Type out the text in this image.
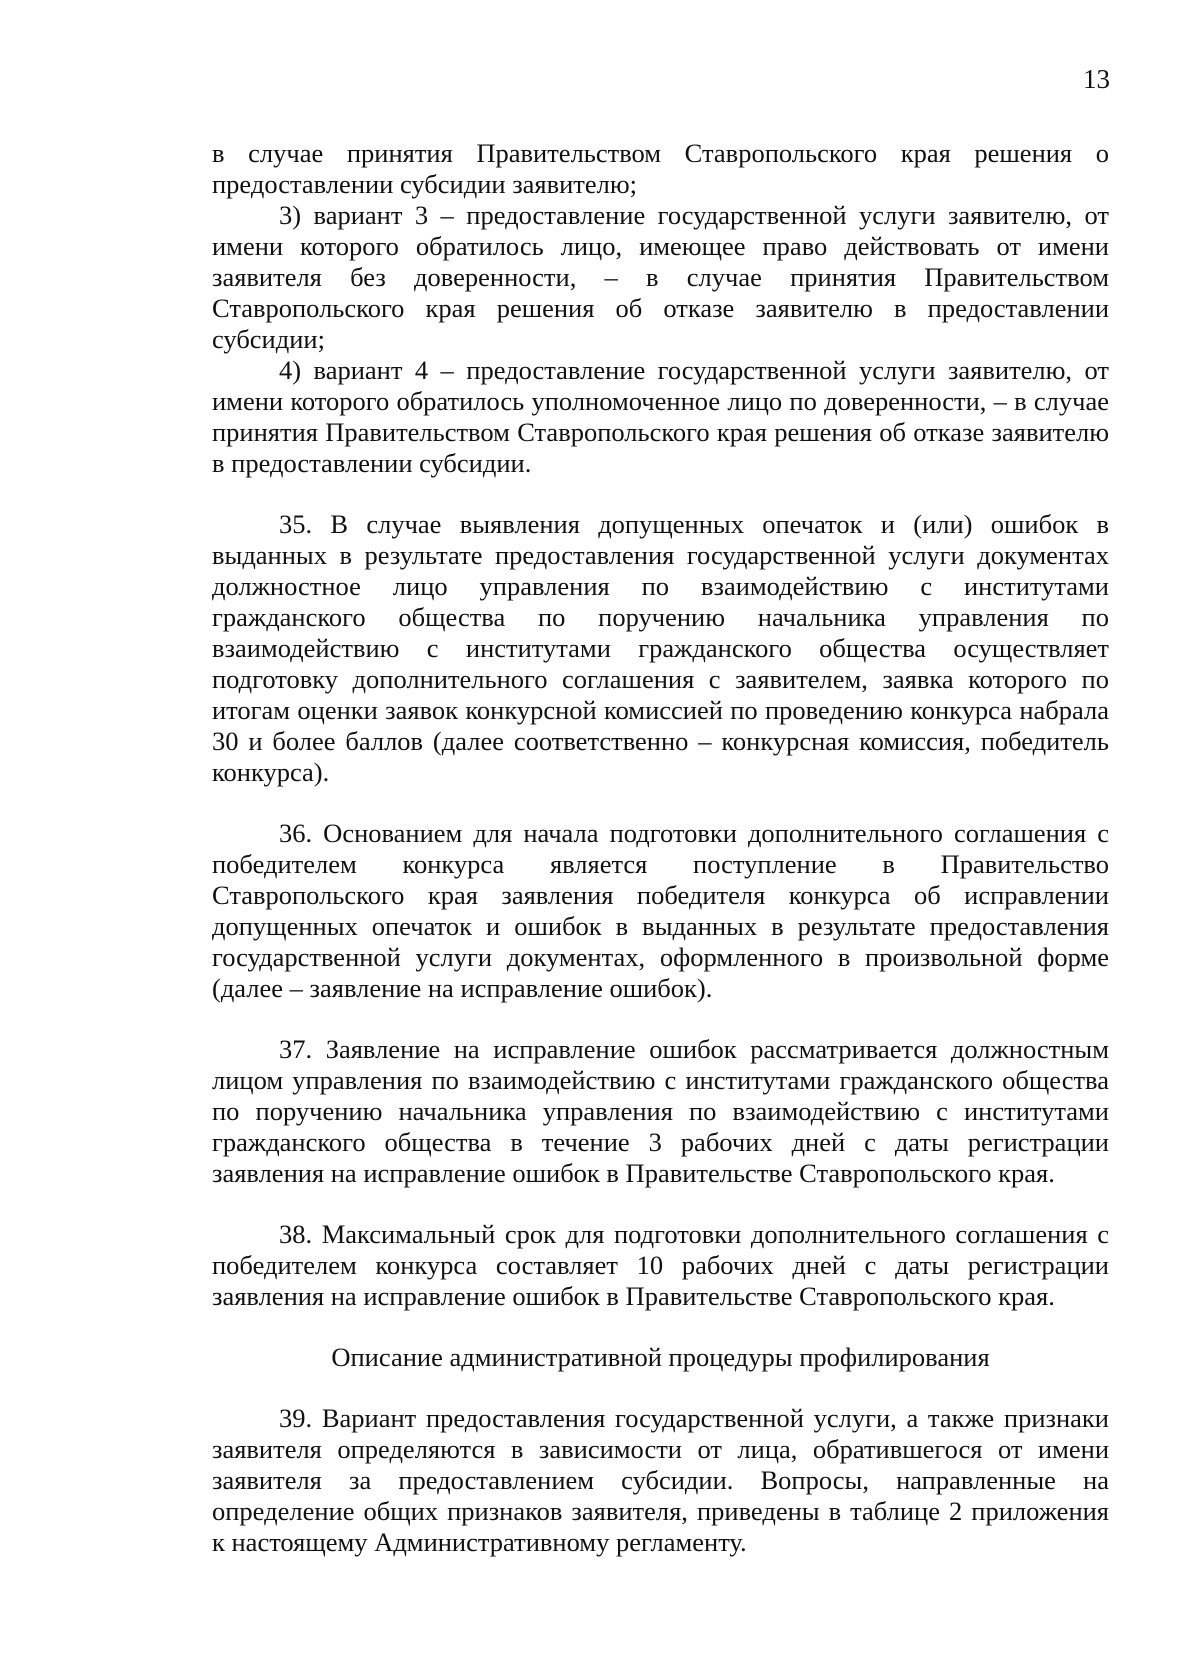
13

в случае принятия Правительством Ставропольского края решения о предоставлении субсидии заявителю;

3) вариант 3 – предоставление государственной услуги заявителю, от имени которого обратилось лицо, имеющее право действовать от имени заявителя без доверенности, – в случае принятия Правительством Ставропольского края решения об отказе заявителю в предоставлении субсидии;

4) вариант 4 – предоставление государственной услуги заявителю, от имени которого обратилось уполномоченное лицо по доверенности, – в случае принятия Правительством Ставропольского края решения об отказе заявителю в предоставлении субсидии.

35. В случае выявления допущенных опечаток и (или) ошибок в выданных в результате предоставления государственной услуги документах должностное лицо управления по взаимодействию с институтами гражданского общества по поручению начальника управления по взаимодействию с институтами гражданского общества осуществляет подготовку дополнительного соглашения с заявителем, заявка которого по итогам оценки заявок конкурсной комиссией по проведению конкурса набрала 30 и более баллов (далее соответственно – конкурсная комиссия, победитель конкурса).

36. Основанием для начала подготовки дополнительного соглашения с победителем конкурса является поступление в Правительство Ставропольского края заявления победителя конкурса об исправлении допущенных опечаток и ошибок в выданных в результате предоставления государственной услуги документах, оформленного в произвольной форме (далее – заявление на исправление ошибок).

37. Заявление на исправление ошибок рассматривается должностным лицом управления по взаимодействию с институтами гражданского общества по поручению начальника управления по взаимодействию с институтами гражданского общества в течение 3 рабочих дней с даты регистрации заявления на исправление ошибок в Правительстве Ставропольского края.

38. Максимальный срок для подготовки дополнительного соглашения с победителем конкурса составляет 10 рабочих дней с даты регистрации заявления на исправление ошибок в Правительстве Ставропольского края.

Описание административной процедуры профилирования

39. Вариант предоставления государственной услуги, а также признаки заявителя определяются в зависимости от лица, обратившегося от имени заявителя за предоставлением субсидии. Вопросы, направленные на определение общих признаков заявителя, приведены в таблице 2 приложения к настоящему Административному регламенту.
